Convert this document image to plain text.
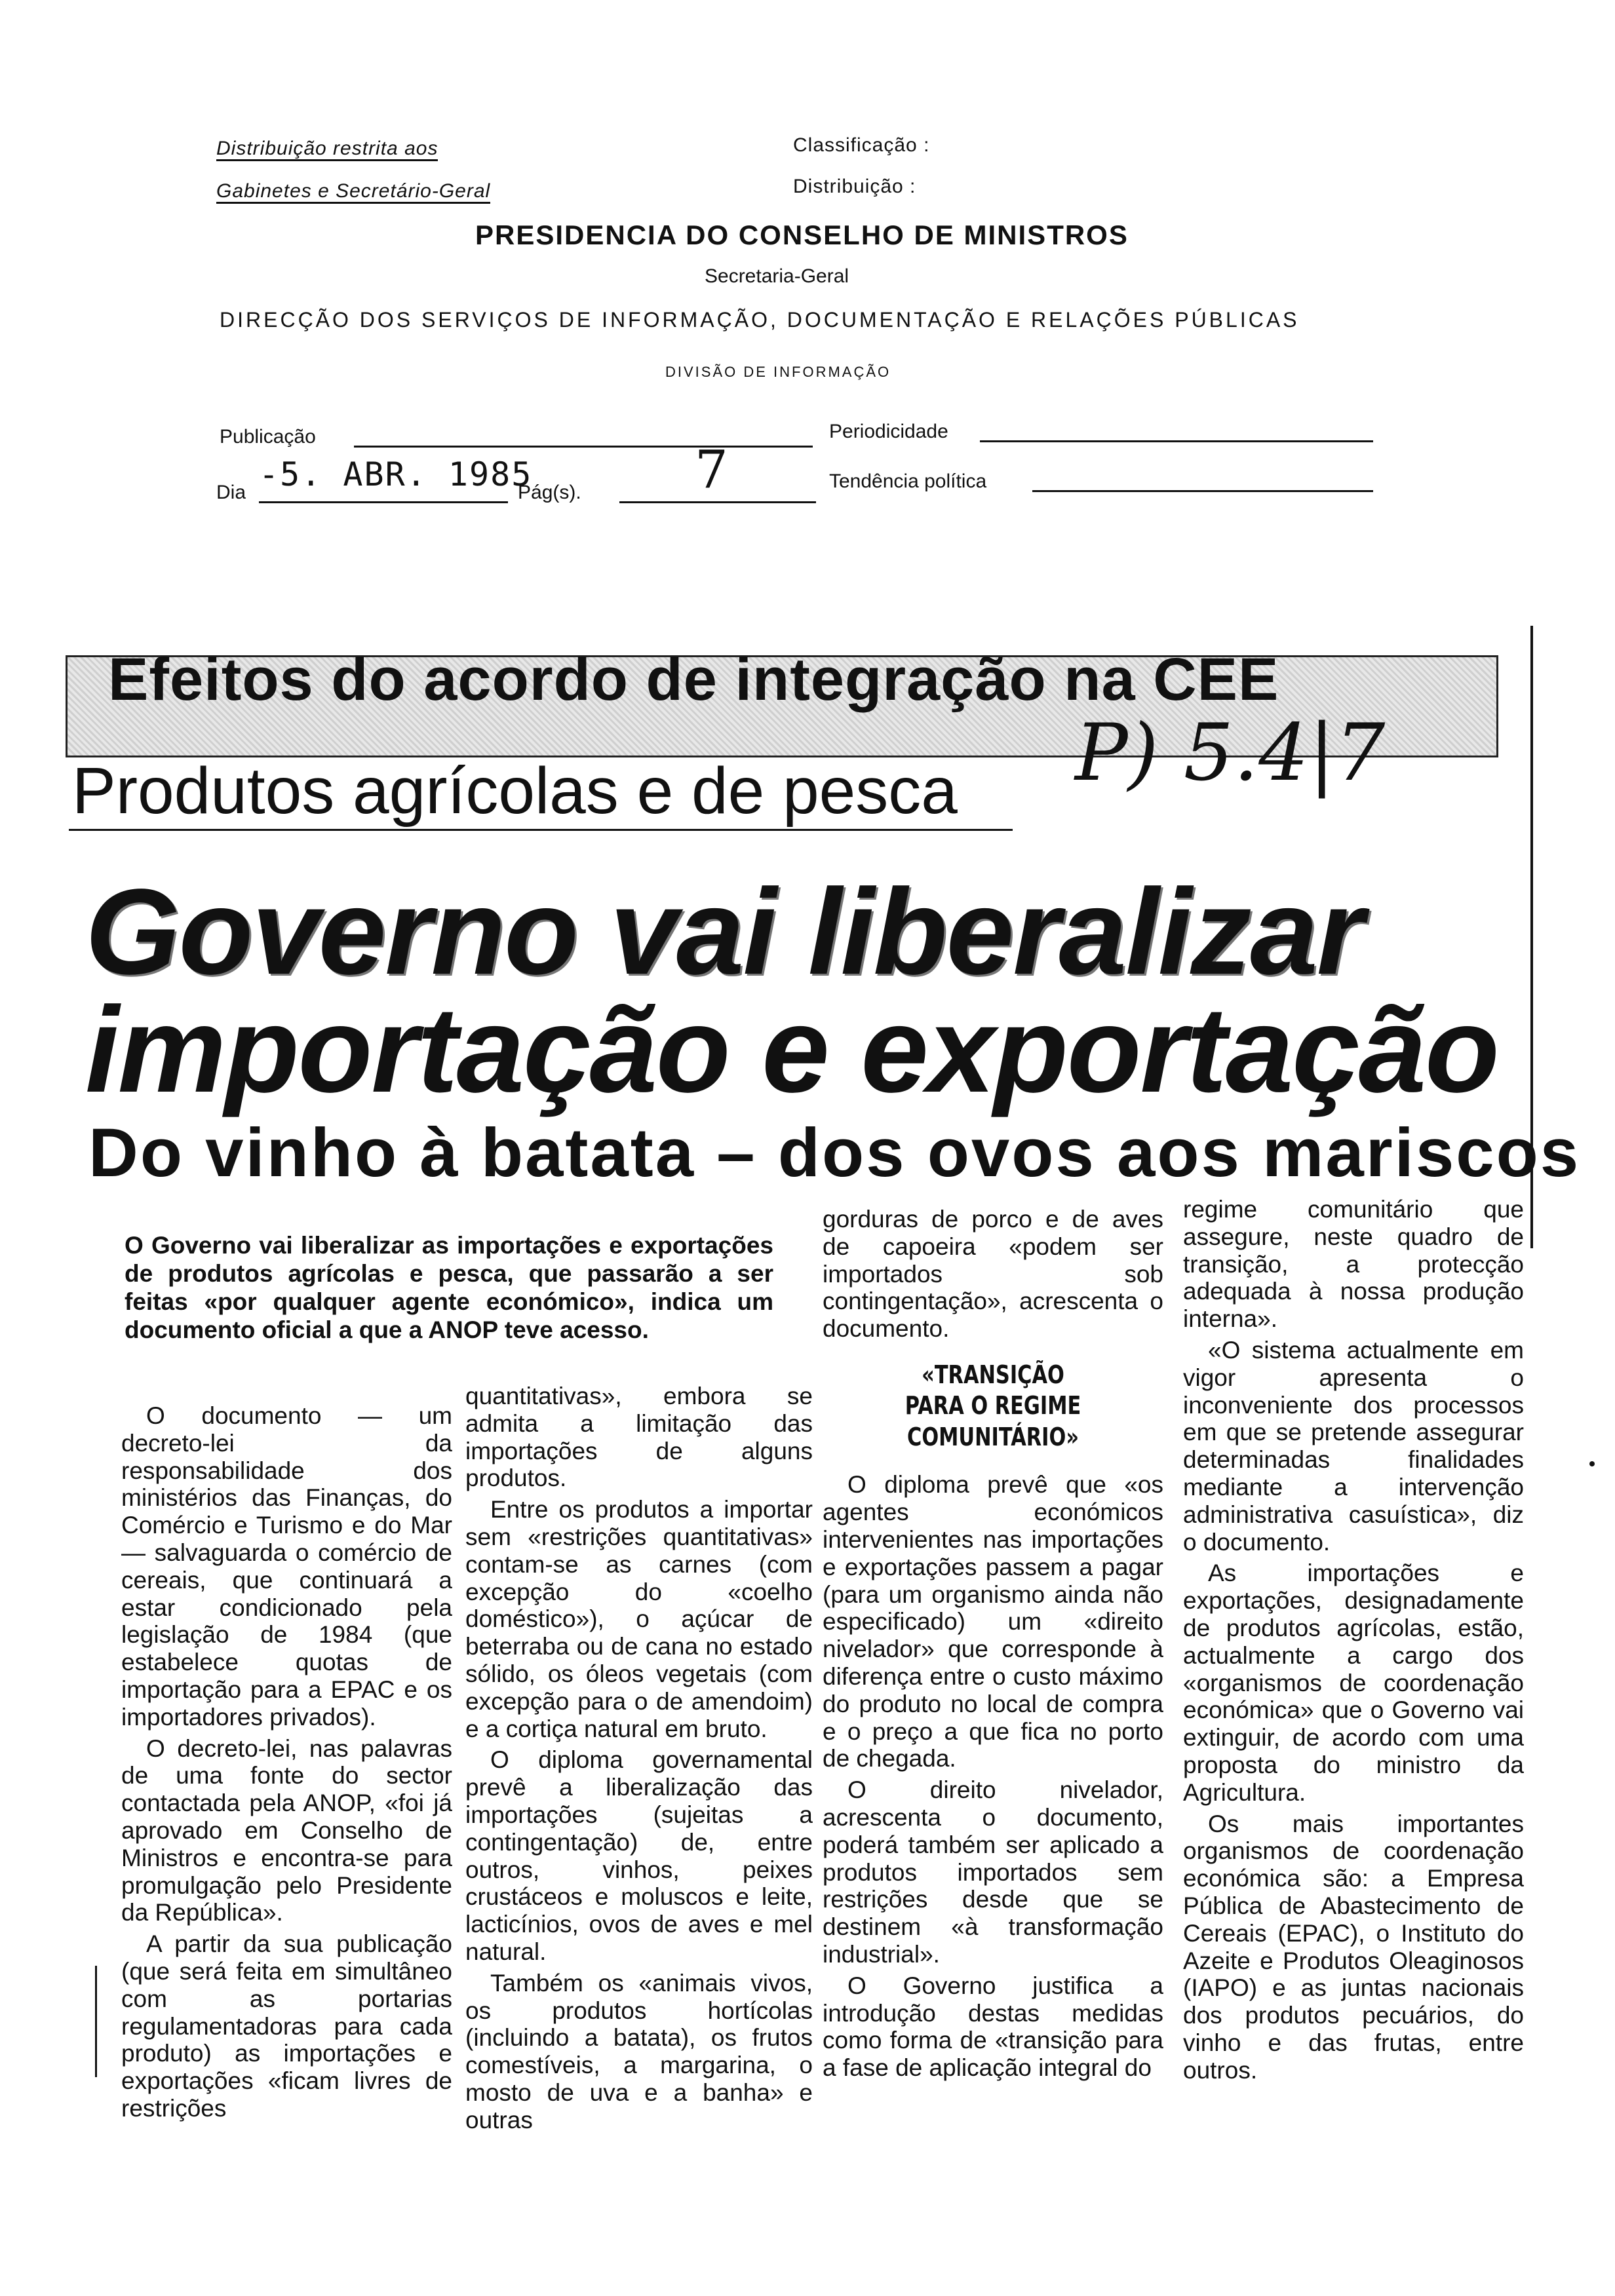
Distribuição restrita aos
Gabinetes e Secretário-Geral
Classificação :
Distribuição :
PRESIDENCIA DO CONSELHO DE MINISTROS
Secretaria-Geral
DIRECÇÃO DOS SERVIÇOS DE INFORMAÇÃO, DOCUMENTAÇÃO E RELAÇÕES PÚBLICAS
DIVISÃO DE INFORMAÇÃO
Publicação	Periodicidade
Dia -5. ABR. 1985
Pág(s). 7	Tendência política
Efeitos do acordo de integração na CEE
Produtos agrícolas e de pesca P) 5.4|7
Governo vai liberalizar
importação e exportação
Do vinho à batata – dos ovos aos mariscos
O Governo vai liberalizar as importações e exportações de produtos agrícolas e pesca, que passarão a ser feitas «por qualquer agente económico», indica um documento oficial a que a ANOP teve acesso.

O documento — um decreto-lei da responsabilidade dos ministérios das Finanças, do Comércio e Turismo e do Mar — salvaguarda o comércio de cereais, que continuará a estar condicionado pela legislação de 1984 (que estabelece quotas de importação para a EPAC e os importadores privados).

O decreto-lei, nas palavras de uma fonte do sector contactada pela ANOP, «foi já aprovado em Conselho de Ministros e encontra-se para promulgação pelo Presidente da República».

A partir da sua publicação (que será feita em simultâneo com as portarias regulamentadoras para cada produto) as importações e exportações «ficam livres de restrições

quantitativas», embora se admita a limitação das importações de alguns produtos.

Entre os produtos a importar sem «restrições quantitativas» contam-se as carnes (com excepção do «coelho doméstico»), o açúcar de beterraba ou de cana no estado sólido, os óleos vegetais (com excepção para o de amendoim) e a cortiça natural em bruto.

O diploma governamental prevê a liberalização das importações (sujeitas a contingentação) de, entre outros, vinhos, peixes crustáceos e moluscos e leite, lacticínios, ovos de aves e mel natural.

Também os «animais vivos, os produtos hortícolas (incluindo a batata), os frutos comestíveis, a margarina, o mosto de uva e a banha» e outras

gorduras de porco e de aves de capoeira «podem ser importados sob contingentação», acrescenta o documento.

«TRANSIÇÃO
PARA O REGIME
COMUNITÁRIO»

O diploma prevê que «os agentes económicos intervenientes nas importações e exportações passem a pagar (para um organismo ainda não especificado) um «direito nivelador» que corresponde à diferença entre o custo máximo do produto no local de compra e o preço a que fica no porto de chegada.

O direito nivelador, acrescenta o documento, poderá também ser aplicado a produtos importados sem restrições desde que se destinem «à transformação industrial».

O Governo justifica a introdução destas medidas como forma de «transição para a fase de aplicação integral do

regime comunitário que assegure, neste quadro de transição, a protecção adequada à nossa produção interna».

«O sistema actualmente em vigor apresenta o inconveniente dos processos em que se pretende assegurar determinadas finalidades mediante a intervenção administrativa casuística», diz o documento.

As importações e exportações, designadamente de produtos agrícolas, estão, actualmente a cargo dos «organismos de coordenação económica» que o Governo vai extinguir, de acordo com uma proposta do ministro da Agricultura.

Os mais importantes organismos de coordenação económica são: a Empresa Pública de Abastecimento de Cereais (EPAC), o Instituto do Azeite e Produtos Oleaginosos (IAPO) e as juntas nacionais dos produtos pecuários, do vinho e das frutas, entre outros.
